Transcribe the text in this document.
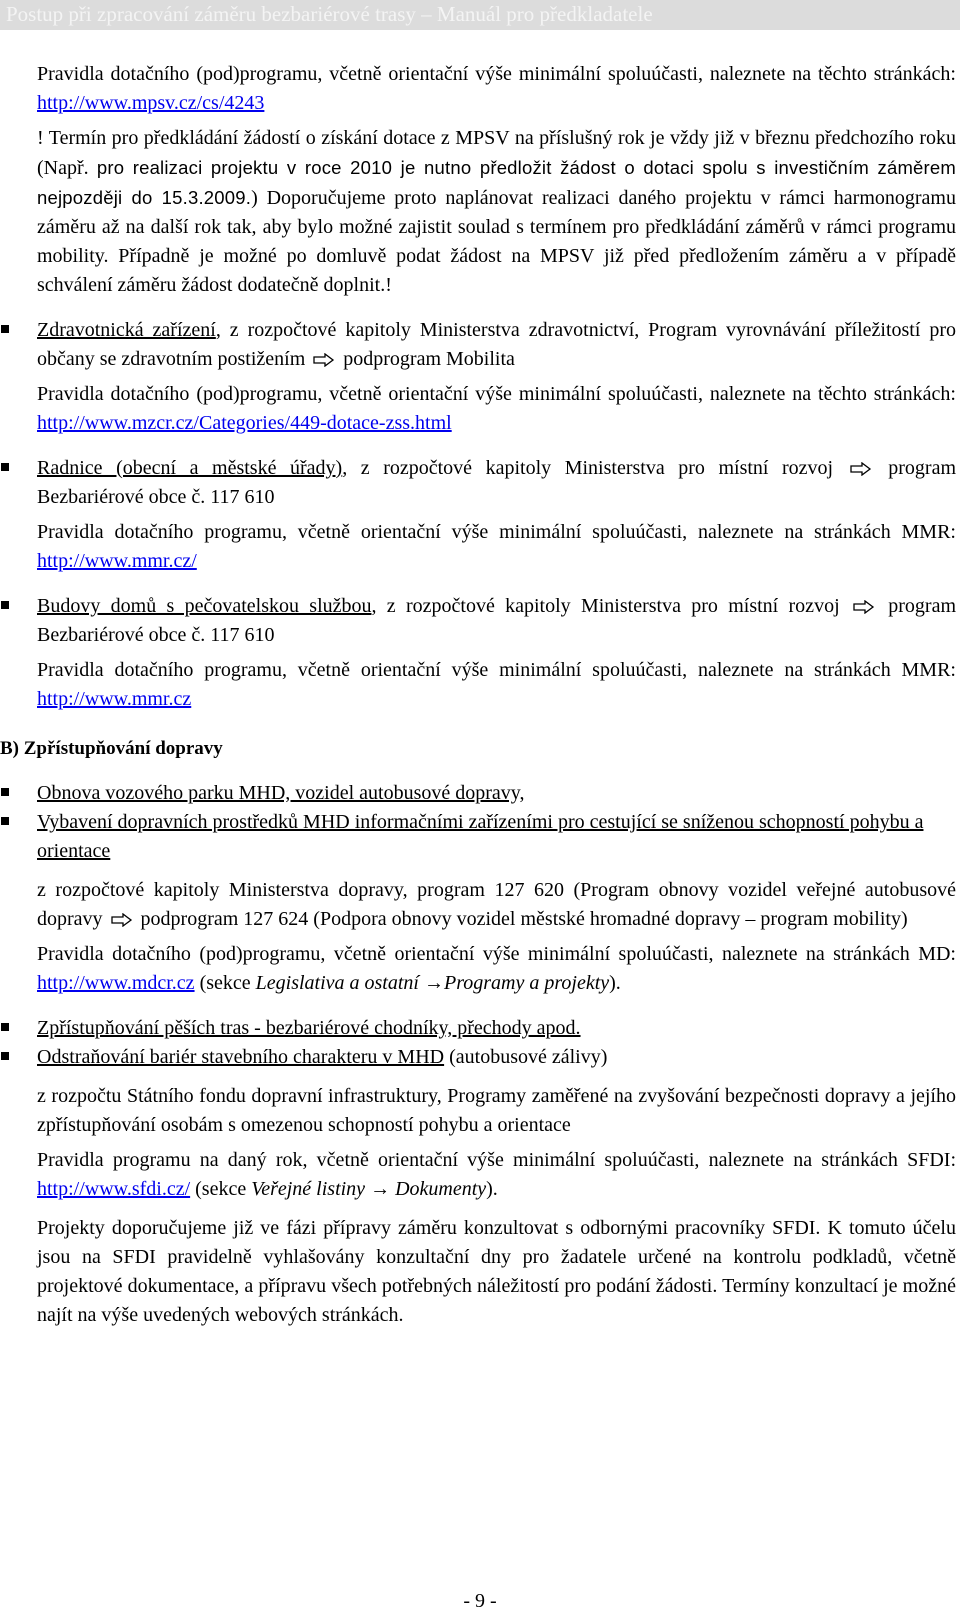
Postup při zpracování záměru bezbariérové trasy – Manuál pro předkladatele

Pravidla dotačního (pod)programu, včetně orientační výše minimální spoluúčasti, naleznete na těchto stránkách: http://www.mpsv.cz/cs/4243

! Termín pro předkládání žádostí o získání dotace z MPSV na příslušný rok je vždy již v březnu předchozího roku (Např. pro realizaci projektu v roce 2010 je nutno předložit žádost o dotaci spolu s investičním záměrem nejpozději do 15.3.2009.) Doporučujeme proto naplánovat realizaci daného projektu v rámci harmonogramu záměru až na další rok tak, aby bylo možné zajistit soulad s termínem pro předkládání záměrů v rámci programu mobility. Případně je možné po domluvě podat žádost na MPSV již před předložením záměru a v případě schválení záměru žádost dodatečně doplnit.!

Zdravotnická zařízení, z rozpočtové kapitoly Ministerstva zdravotnictví, Program vyrovnávání příležitostí pro občany se zdravotním postižením podprogram Mobilita

Pravidla dotačního (pod)programu, včetně orientační výše minimální spoluúčasti, naleznete na těchto stránkách: http://www.mzcr.cz/Categories/449-dotace-zss.html

Radnice (obecní a městské úřady), z rozpočtové kapitoly Ministerstva pro místní rozvoj	program Bezbariérové obce č. 117 610

Pravidla dotačního programu, včetně orientační výše minimální spoluúčasti, naleznete na stránkách MMR: http://www.mmr.cz/

Budovy domů s pečovatelskou službou, z rozpočtové kapitoly Ministerstva pro místní rozvoj program Bezbariérové obce č. 117 610

Pravidla dotačního programu, včetně orientační výše minimální spoluúčasti, naleznete na stránkách MMR: http://www.mmr.cz

B) Zpřístupňování dopravy

Obnova vozového parku MHD, vozidel autobusové dopravy,

Vybavení dopravních prostředků MHD informačními zařízeními pro cestující se sníženou schopností pohybu a orientace

z rozpočtové kapitoly Ministerstva dopravy, program 127 620 (Program obnovy vozidel veřejné autobusové dopravy podprogram 127 624 (Podpora obnovy vozidel městské hromadné dopravy – program mobility)

Pravidla dotačního (pod)programu, včetně orientační výše minimální spoluúčasti, naleznete na stránkách MD: http://www.mdcr.cz (sekce Legislativa a ostatní →Programy a projekty).

Zpřístupňování pěších tras - bezbariérové chodníky, přechody apod.

Odstraňování bariér stavebního charakteru v MHD (autobusové zálivy)

z rozpočtu Státního fondu dopravní infrastruktury, Programy zaměřené na zvyšování bezpečnosti dopravy a jejího zpřístupňování osobám s omezenou schopností pohybu a orientace

Pravidla programu na daný rok, včetně orientační výše minimální spoluúčasti, naleznete na stránkách SFDI: http://www.sfdi.cz/ (sekce Veřejné listiny → Dokumenty).

Projekty doporučujeme již ve fázi přípravy záměru konzultovat s odbornými pracovníky SFDI. K tomuto účelu jsou na SFDI pravidelně vyhlašovány konzultační dny pro žadatele určené na kontrolu podkladů, včetně projektové dokumentace, a přípravu všech potřebných náležitostí pro podání žádosti. Termíny konzultací je možné najít na výše uvedených webových stránkách.

- 9 -
